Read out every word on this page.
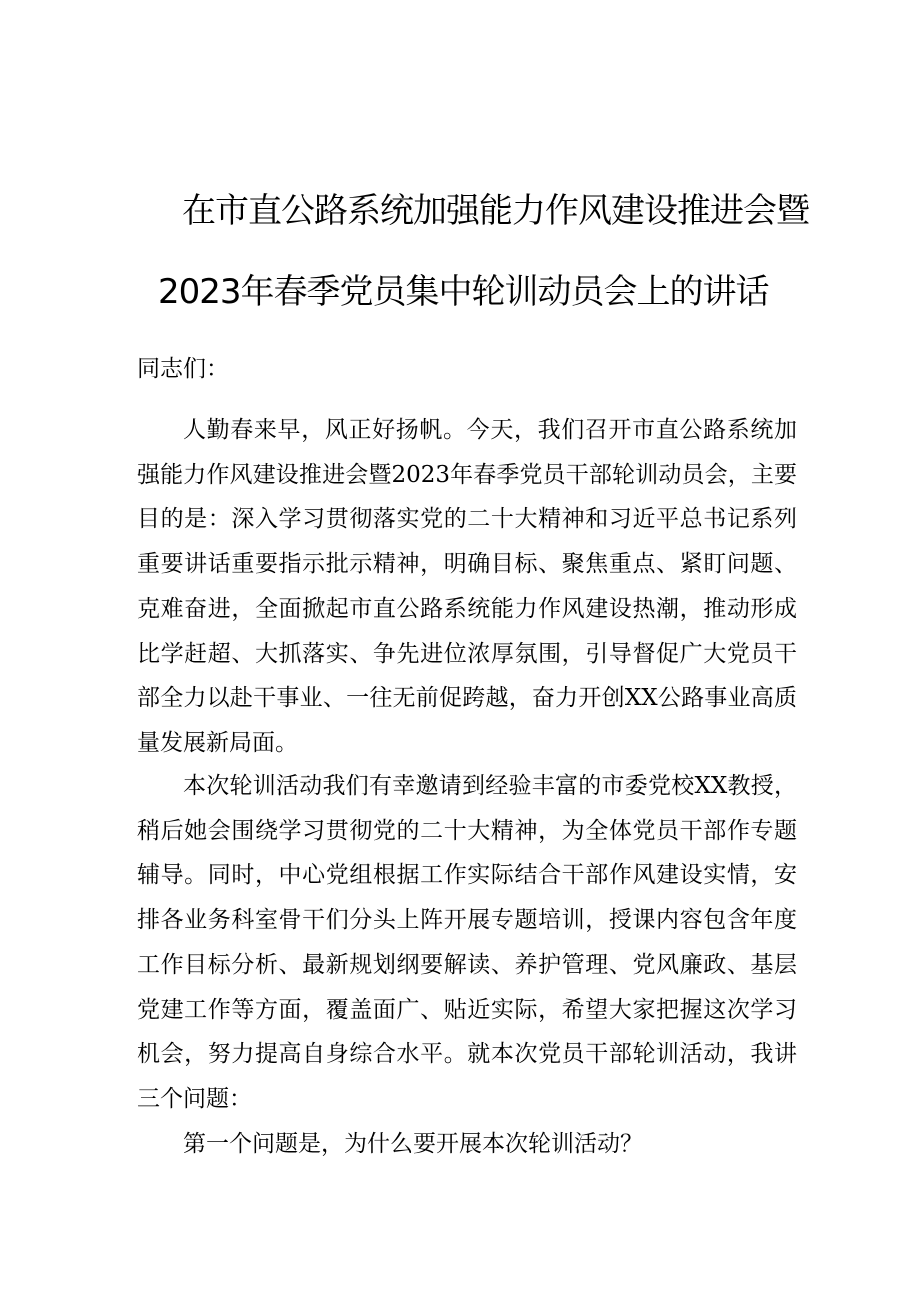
在市直公路系统加强能力作风建设推进会暨
2023年春季党员集中轮训动员会上的讲话
同志们：
人勤春来早，风正好扬帆。今天，我们召开市直公路系统加强能力作风建设推进会暨2023年春季党员干部轮训动员会，主要目的是：深入学习贯彻落实党的二十大精神和习近平总书记系列重要讲话重要指示批示精神，明确目标、聚焦重点、紧盯问题、克难奋进，全面掀起市直公路系统能力作风建设热潮，推动形成比学赶超、大抓落实、争先进位浓厚氛围，引导督促广大党员干部全力以赴干事业、一往无前促跨越，奋力开创XX公路事业高质量发展新局面。
本次轮训活动我们有幸邀请到经验丰富的市委党校XX教授，稍后她会围绕学习贯彻党的二十大精神，为全体党员干部作专题辅导。同时，中心党组根据工作实际结合干部作风建设实情，安排各业务科室骨干们分头上阵开展专题培训，授课内容包含年度工作目标分析、最新规划纲要解读、养护管理、党风廉政、基层党建工作等方面，覆盖面广、贴近实际，希望大家把握这次学习机会，努力提高自身综合水平。就本次党员干部轮训活动，我讲三个问题：
第一个问题是，为什么要开展本次轮训活动？
